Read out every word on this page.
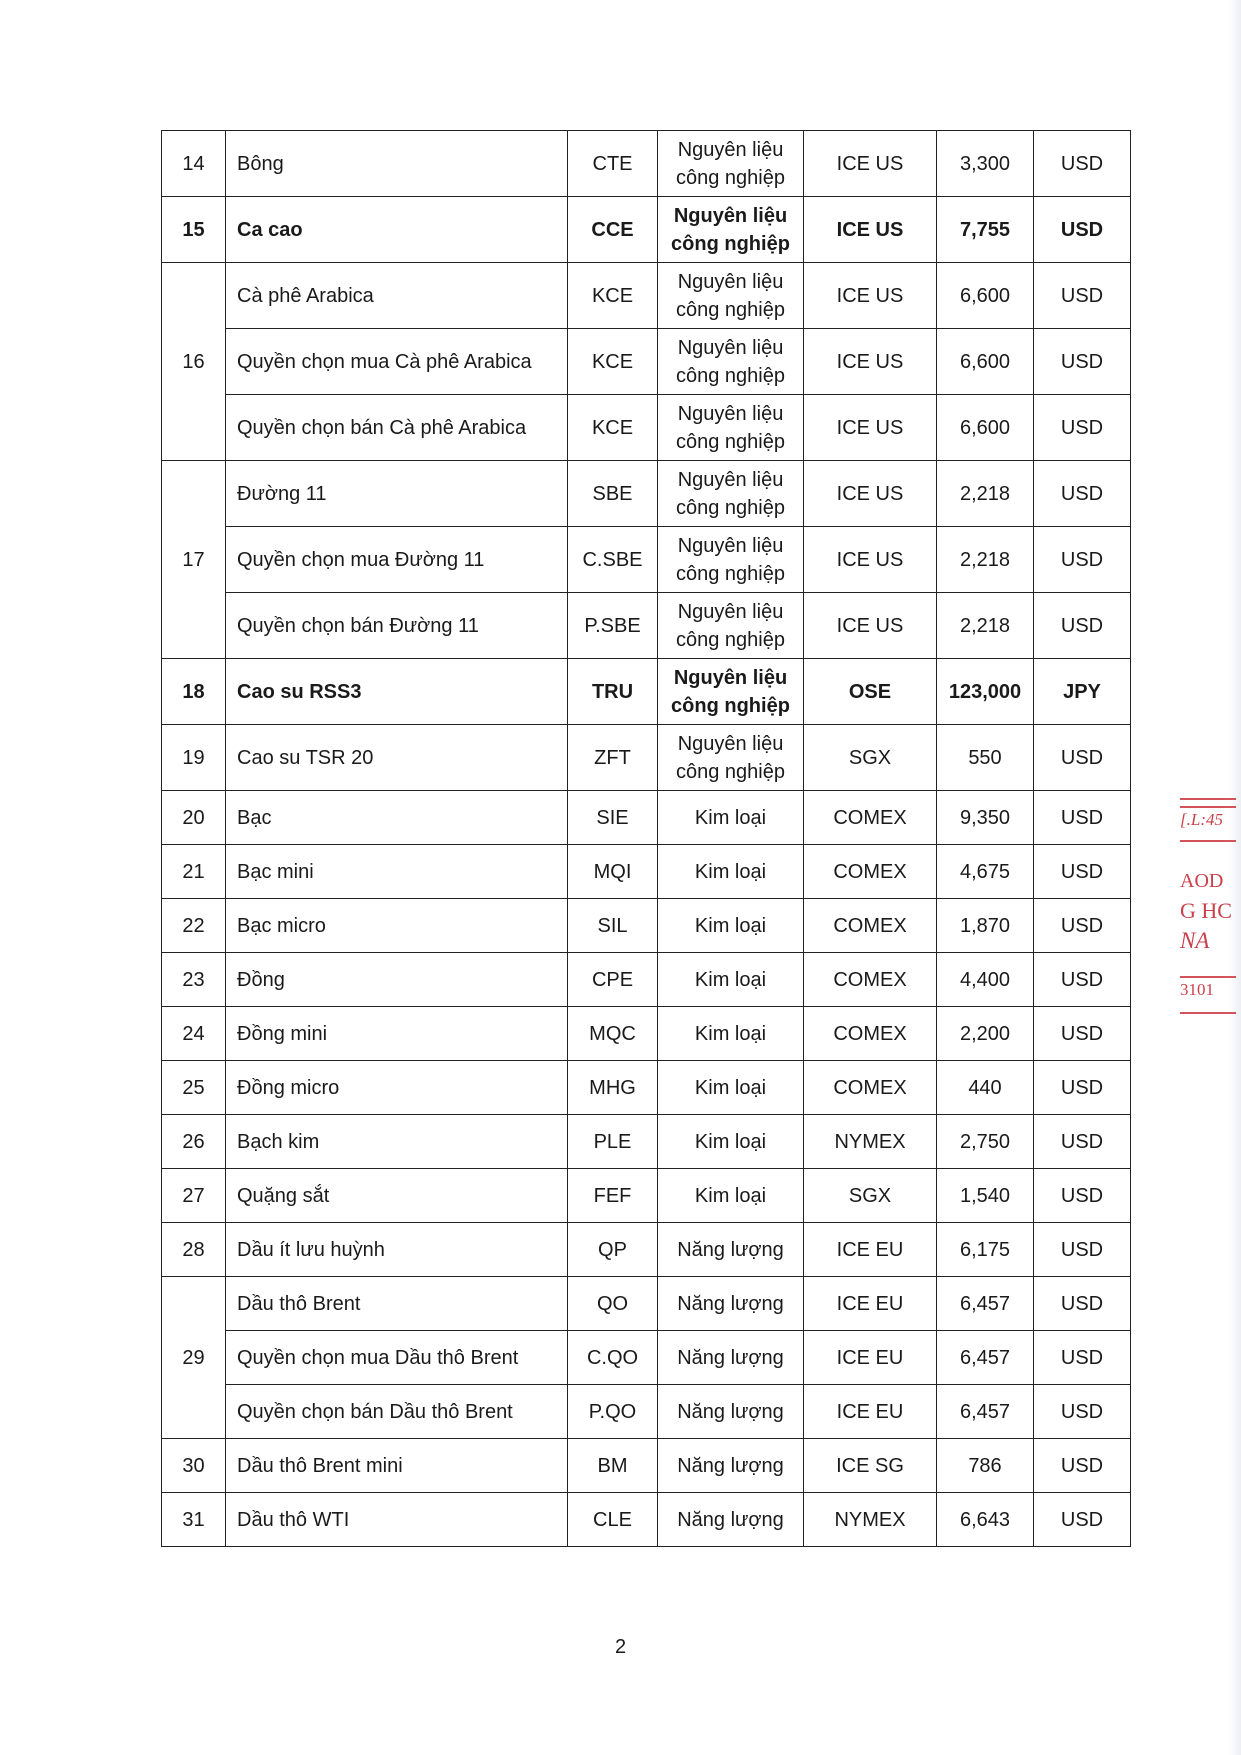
14	Bông	CTE	Nguyên liệu công nghiệp	ICE US	3,300	USD
15	Ca cao	CCE	Nguyên liệu công nghiệp	ICE US	7,755	USD
16	Cà phê Arabica	KCE	Nguyên liệu công nghiệp	ICE US	6,600	USD
	Quyền chọn mua Cà phê Arabica	KCE	Nguyên liệu công nghiệp	ICE US	6,600	USD
	Quyền chọn bán Cà phê Arabica	KCE	Nguyên liệu công nghiệp	ICE US	6,600	USD
17	Đường 11	SBE	Nguyên liệu công nghiệp	ICE US	2,218	USD
	Quyền chọn mua Đường 11	C.SBE	Nguyên liệu công nghiệp	ICE US	2,218	USD
	Quyền chọn bán Đường 11	P.SBE	Nguyên liệu công nghiệp	ICE US	2,218	USD
18	Cao su RSS3	TRU	Nguyên liệu công nghiệp	OSE	123,000	JPY
19	Cao su TSR 20	ZFT	Nguyên liệu công nghiệp	SGX	550	USD
20	Bạc	SIE	Kim loại	COMEX	9,350	USD
21	Bạc mini	MQI	Kim loại	COMEX	4,675	USD
22	Bạc micro	SIL	Kim loại	COMEX	1,870	USD
23	Đồng	CPE	Kim loại	COMEX	4,400	USD
24	Đồng mini	MQC	Kim loại	COMEX	2,200	USD
25	Đồng micro	MHG	Kim loại	COMEX	440	USD
26	Bạch kim	PLE	Kim loại	NYMEX	2,750	USD
27	Quặng sắt	FEF	Kim loại	SGX	1,540	USD
28	Dầu ít lưu huỳnh	QP	Năng lượng	ICE EU	6,175	USD
29	Dầu thô Brent	QO	Năng lượng	ICE EU	6,457	USD
	Quyền chọn mua Dầu thô Brent	C.QO	Năng lượng	ICE EU	6,457	USD
	Quyền chọn bán Dầu thô Brent	P.QO	Năng lượng	ICE EU	6,457	USD
30	Dầu thô Brent mini	BM	Năng lượng	ICE SG	786	USD
31	Dầu thô WTI	CLE	Năng lượng	NYMEX	6,643	USD
2
[.L:45
AOD
G HC
NA
3101
